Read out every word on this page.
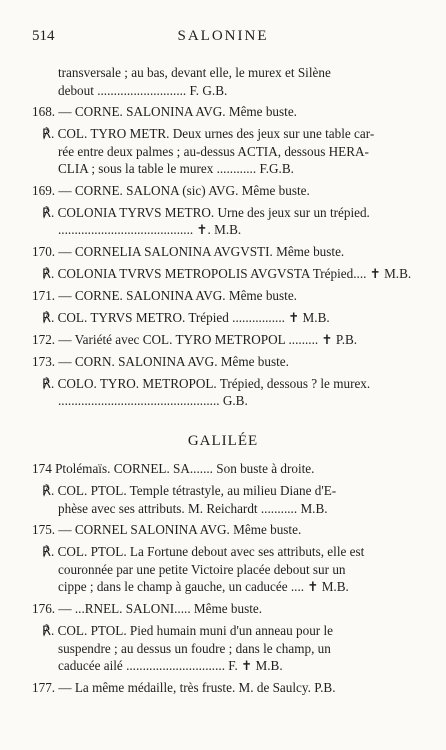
514	SALONINE
transversale ; au bas, devant elle, le murex et Silène
debout ........................... F. G.B.
168. — CORNE. SALONINA AVG. Même buste.
℟. COL. TYRO METR. Deux urnes des jeux sur une table car-
rée entre deux palmes ; au-dessus ACTIA, dessous HERA-
CLIA ; sous la table le murex ............ F.G.B.
169. — CORNE. SALONA (sic) AVG. Même buste.
℟. COLONIA TYRVS METRO. Urne des jeux sur un trépied.
......................................... ✝. M.B.
170. — CORNELIA SALONINA AVGVSTI. Même buste.
℟. COLONIA TVRVS METROPOLIS AVGVSTA Trépied.... ✝ M.B.
171. — CORNE. SALONINA AVG. Même buste.
℟. COL. TYRVS METRO. Trépied ................ ✝ M.B.
172. — Variété avec COL. TYRO METROPOL ......... ✝ P.B.
173. — CORN. SALONINA AVG. Même buste.
℟. COLO. TYRO. METROPOL. Trépied, dessous ? le murex.
................................................. G.B.
GALILÉE
174 Ptolémaïs. CORNEL. SA....... Son buste à droite.
℟. COL. PTOL. Temple tétrastyle, au milieu Diane d'E-
phèse avec ses attributs. M. Reichardt ........... M.B.
175. — CORNEL SALONINA AVG. Même buste.
℟. COL. PTOL. La Fortune debout avec ses attributs, elle est
couronnée par une petite Victoire placée debout sur un
cippe ; dans le champ à gauche, un caducée .... ✝ M.B.
176. — ...RNEL. SALONI..... Même buste.
℟. COL. PTOL. Pied humain muni d'un anneau pour le
suspendre ; au dessus un foudre ; dans le champ, un
caducée ailé .............................. F. ✝ M.B.
177. — La même médaille, très fruste. M. de Saulcy. P.B.
